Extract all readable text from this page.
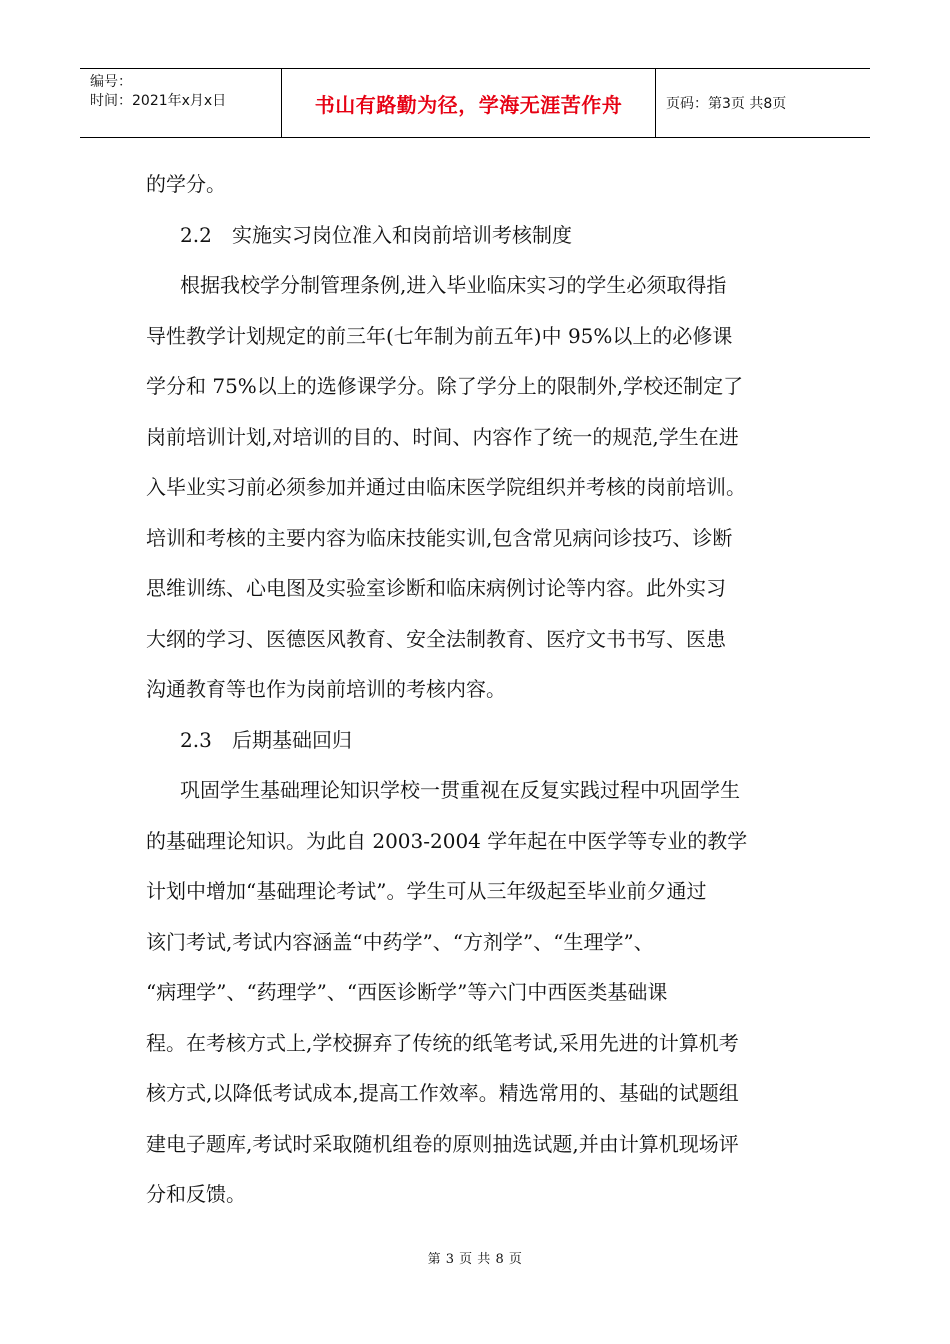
编号：
时间：2021年x月x日	书山有路勤为径，学海无涯苦作舟	页码：第3页 共8页
的学分。
2.2 实施实习岗位准入和岗前培训考核制度
根据我校学分制管理条例,进入毕业临床实习的学生必须取得指
导性教学计划规定的前三年(七年制为前五年)中 95%以上的必修课
学分和 75%以上的选修课学分。除了学分上的限制外,学校还制定了
岗前培训计划,对培训的目的、时间、内容作了统一的规范,学生在进
入毕业实习前必须参加并通过由临床医学院组织并考核的岗前培训。
培训和考核的主要内容为临床技能实训,包含常见病问诊技巧、诊断
思维训练、心电图及实验室诊断和临床病例讨论等内容。此外实习
大纲的学习、医德医风教育、安全法制教育、医疗文书书写、医患
沟通教育等也作为岗前培训的考核内容。
2.3 后期基础回归
巩固学生基础理论知识学校一贯重视在反复实践过程中巩固学生
的基础理论知识。为此自 2003-2004 学年起在中医学等专业的教学
计划中增加“基础理论考试”。学生可从三年级起至毕业前夕通过
该门考试,考试内容涵盖“中药学”、“方剂学”、“生理学”、
“病理学”、“药理学”、“西医诊断学”等六门中西医类基础课
程。在考核方式上,学校摒弃了传统的纸笔考试,采用先进的计算机考
核方式,以降低考试成本,提高工作效率。精选常用的、基础的试题组
建电子题库,考试时采取随机组卷的原则抽选试题,并由计算机现场评
分和反馈。
第 3 页 共 8 页
